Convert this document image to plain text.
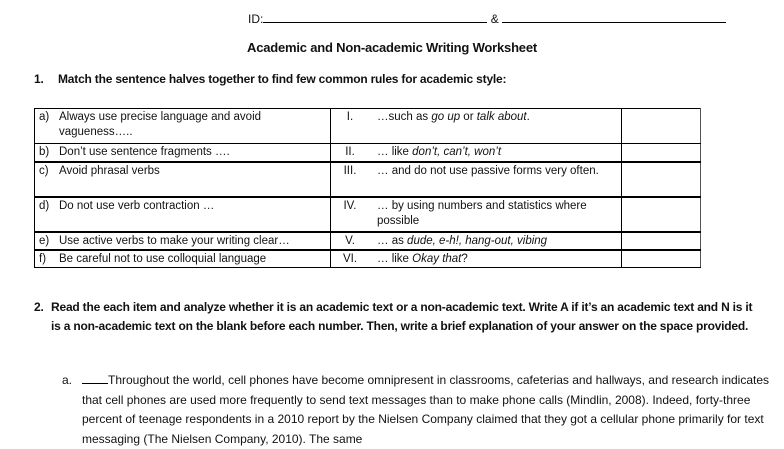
ID:	&
Academic and Non-academic Writing Worksheet
1. Match the sentence halves together to find few common rules for academic style:
a) Always use precise language and avoid vagueness…..	I.	…such as go up or talk about.	
b) Don’t use sentence fragments ….	II.	… like don’t, can’t, won’t	
c) Avoid phrasal verbs	III.	… and do not use passive forms very often.	
d) Do not use verb contraction …	IV.	… by using numbers and statistics where possible	
e) Use active verbs to make your writing clear…	V.	… as dude, e-h!, hang-out, vibing	
f) Be careful not to use colloquial language	VI.	… like Okay that?	
2. Read the each item and analyze whether it is an academic text or a non-academic text. Write A if it’s an academic text and N is it is a non-academic text on the blank before each number. Then, write a brief explanation of your answer on the space provided.
a.	Throughout the world, cell phones have become omnipresent in classrooms, cafeterias and hallways, and research indicates that cell phones are used more frequently to send text messages than to make phone calls (Mindlin, 2008). Indeed, forty-three percent of teenage respondents in a 2010 report by the Nielsen Company claimed that they got a cellular phone primarily for text messaging (The Nielsen Company, 2010). The same
